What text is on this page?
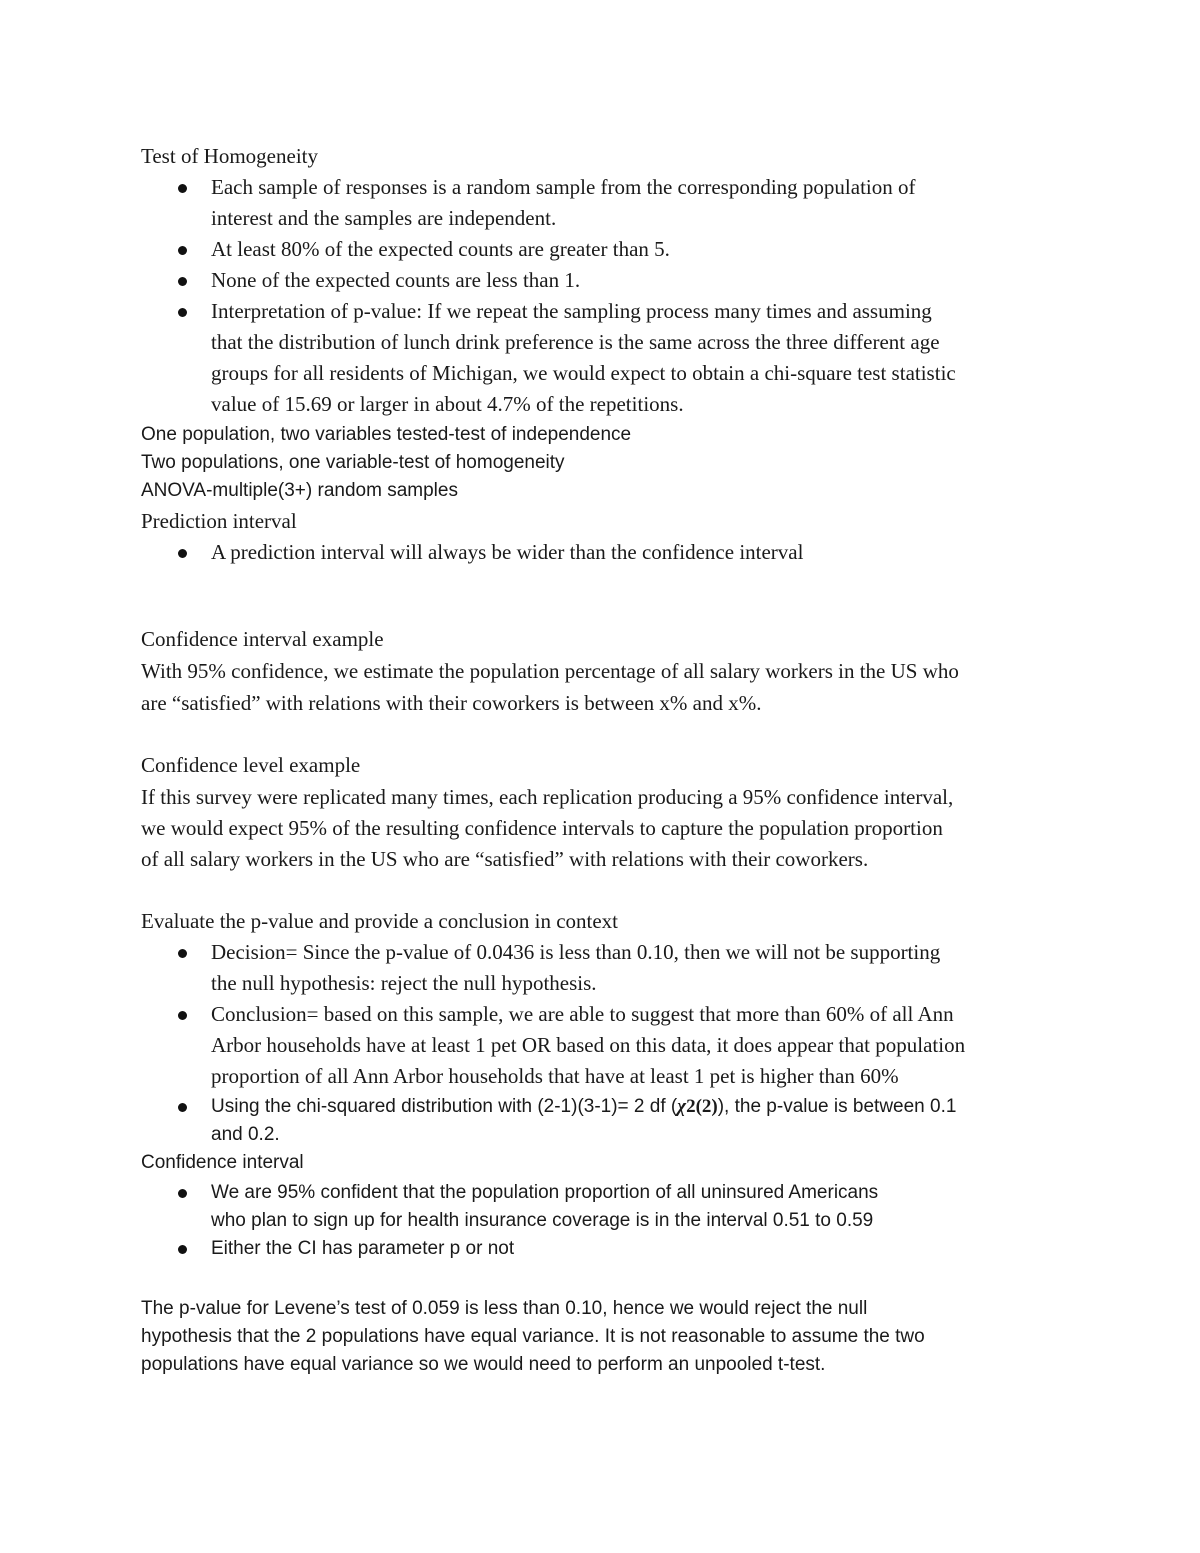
Test of Homogeneity
Each sample of responses is a random sample from the corresponding population of
interest and the samples are independent.
At least 80% of the expected counts are greater than 5.
None of the expected counts are less than 1.
Interpretation of p-value: If we repeat the sampling process many times and assuming
that the distribution of lunch drink preference is the same across the three different age
groups for all residents of Michigan, we would expect to obtain a chi-square test statistic
value of 15.69 or larger in about 4.7% of the repetitions.
One population, two variables tested-test of independence
Two populations, one variable-test of homogeneity
ANOVA-multiple(3+) random samples
Prediction interval
A prediction interval will always be wider than the confidence interval
Confidence interval example
With 95% confidence, we estimate the population percentage of all salary workers in the US who
are “satisfied” with relations with their coworkers is between x% and x%.
Confidence level example
If this survey were replicated many times, each replication producing a 95% confidence interval,
we would expect 95% of the resulting confidence intervals to capture the population proportion
of all salary workers in the US who are “satisfied” with relations with their coworkers.
Evaluate the p-value and provide a conclusion in context
Decision= Since the p-value of 0.0436 is less than 0.10, then we will not be supporting
the null hypothesis: reject the null hypothesis.
Conclusion= based on this sample, we are able to suggest that more than 60% of all Ann
Arbor households have at least 1 pet OR based on this data, it does appear that population
proportion of all Ann Arbor households that have at least 1 pet is higher than 60%
Using the chi-squared distribution with (2-1)(3-1)= 2 df (χ2(2)), the p-value is between 0.1
and 0.2.
Confidence interval
We are 95% confident that the population proportion of all uninsured Americans
who plan to sign up for health insurance coverage is in the interval 0.51 to 0.59
Either the CI has parameter p or not
The p-value for Levene’s test of 0.059 is less than 0.10, hence we would reject the null
hypothesis that the 2 populations have equal variance. It is not reasonable to assume the two
populations have equal variance so we would need to perform an unpooled t-test.
